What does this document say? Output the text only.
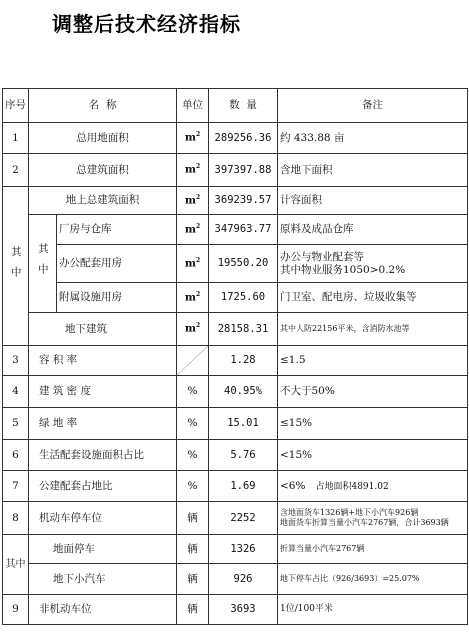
调整后技术经济指标
序号	名  称		单位	数  量	备注
1	总用地面积		$m^2$	289256.36	约 433.88 亩
2	总建筑面积		$m^2$	397397.88	含地下面积
其中	地上总建筑面积		$m^2$	369239.57	计容面积
	其中	厂房与仓库	$m^2$	347963.77	原料及成品仓库
		办公配套用房	$m^2$	19550.20	办公与物业配套等
其中物业服务1050>0.2%

		附属设施用房	$m^2$	1725.60	门卫室、配电房、垃圾收集等
	地下建筑		$m^2$	28158.31	其中人防22156平米，含消防水池等
3	容 积 率			1.28	≤1.5
4	建 筑 密 度		%	40.95%	不大于50%
5	绿 地 率		%	15.01	≤15%
6	生活配套设施面积占比		%	5.76	<15%
7	公建配套占地比		%	1.69	<6% 占地面积4891.02
8	机动车停车位		辆	2252	含地面货车1326辆+地下小汽车926辆
地面货车折算当量小汽车2767辆，合计3693辆

其中	地面停车		辆	1326	折算当量小汽车2767辆
	地下小汽车		辆	926	地下停车占比（926/3693）=25.07%
9	非机动车位		辆	3693	1位/100平米
